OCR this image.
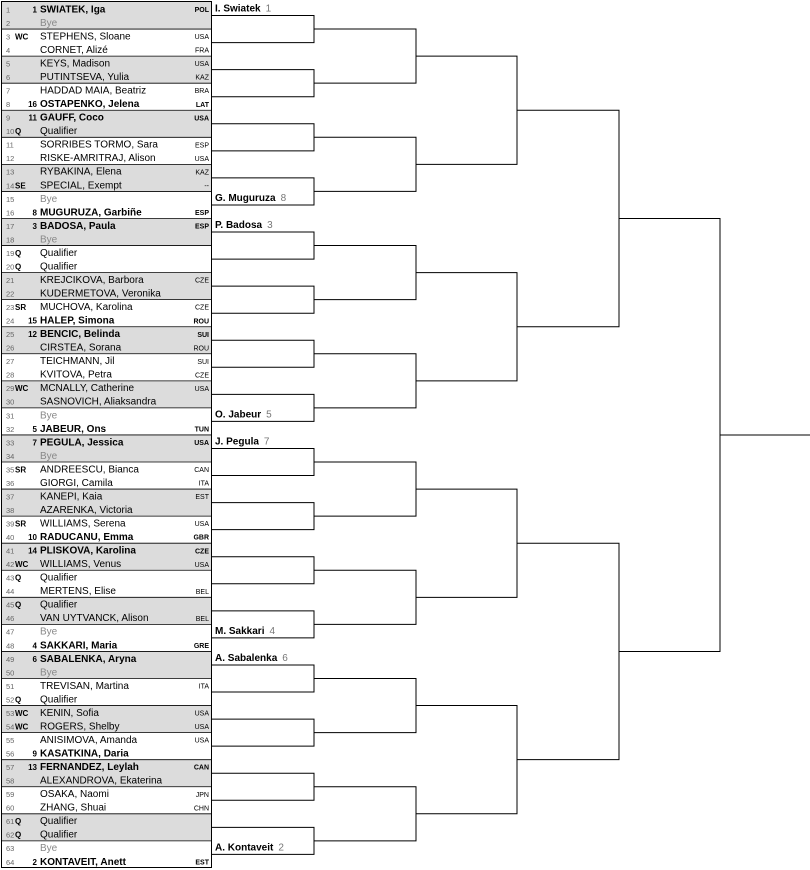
1	1 SWIATEK, Iga	POL
2	Bye
3 WC STEPHENS, Sloane	USA
4	CORNET, Alizé	FRA
5	KEYS, Madison	USA
6	PUTINTSEVA, Yulia	KAZ
7	HADDAD MAIA, Beatriz	BRA
8 16 OSTAPENKO, Jelena	LAT
9 11 GAUFF, Coco	USA
10 Q Qualifier
11	SORRIBES TORMO, Sara	ESP
12	RISKE-AMRITRAJ, Alison	USA
13	RYBAKINA, Elena	KAZ
14 SE SPECIAL, Exempt	--
15	Bye
16 8 MUGURUZA, Garbiñe	ESP
17 3 BADOSA, Paula	ESP
18	Bye
19 Q Qualifier
20 Q Qualifier
21	KREJCIKOVA, Barbora	CZE
22	KUDERMETOVA, Veronika
23 SR MUCHOVA, Karolina	CZE
24 15 HALEP, Simona	ROU
25 12 BENCIC, Belinda	SUI
26	CIRSTEA, Sorana	ROU
27	TEICHMANN, Jil	SUI
28	KVITOVA, Petra	CZE
29 WC MCNALLY, Catherine	USA
30	SASNOVICH, Aliaksandra
31	Bye
32 5 JABEUR, Ons	TUN
33 7 PEGULA, Jessica	USA
34	Bye
35 SR ANDREESCU, Bianca	CAN
36	GIORGI, Camila	ITA
37	KANEPI, Kaia	EST
38	AZARENKA, Victoria
39 SR WILLIAMS, Serena	USA
40 10 RADUCANU, Emma	GBR
41 14 PLISKOVA, Karolina	CZE
42 WC WILLIAMS, Venus	USA
43 Q Qualifier
44	MERTENS, Elise	BEL
45 Q Qualifier
46	VAN UYTVANCK, Alison	BEL
47	Bye
48 4 SAKKARI, Maria	GRE
49 6 SABALENKA, Aryna
50	Bye
51	TREVISAN, Martina	ITA
52 Q Qualifier
53 WC KENIN, Sofia	USA
54 WC ROGERS, Shelby	USA
55	ANISIMOVA, Amanda	USA
56 9 KASATKINA, Daria
57 13 FERNANDEZ, Leylah	CAN
58	ALEXANDROVA, Ekaterina
59	OSAKA, Naomi	JPN
60	ZHANG, Shuai	CHN
61 Q Qualifier
62 Q Qualifier
63	Bye
64 2 KONTAVEIT, Anett	EST
I. Swiatek 1
G. Muguruza 8
P. Badosa 3
O. Jabeur 5
J. Pegula 7
M. Sakkari 4
A. Sabalenka 6
A. Kontaveit 2
